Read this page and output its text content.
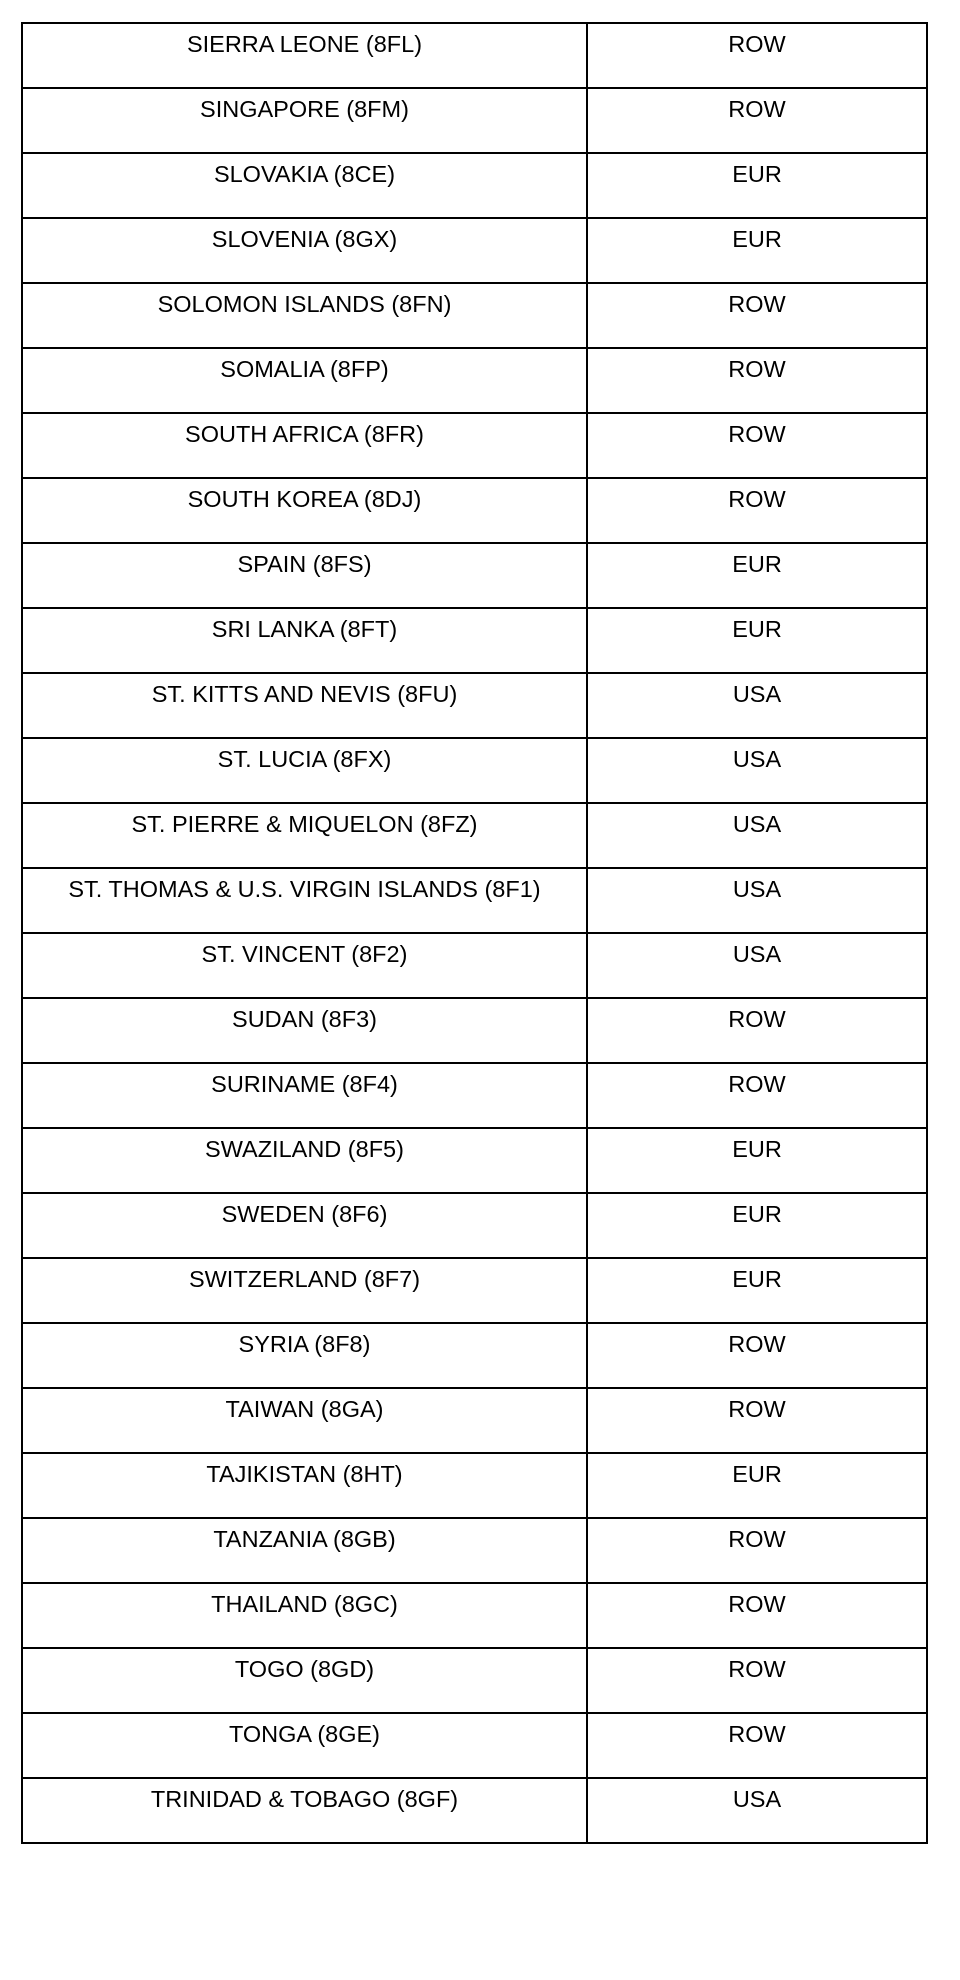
SIERRA LEONE (8FL)	ROW
SINGAPORE (8FM)	ROW
SLOVAKIA (8CE)	EUR
SLOVENIA (8GX)	EUR
SOLOMON ISLANDS (8FN)	ROW
SOMALIA (8FP)	ROW
SOUTH AFRICA (8FR)	ROW
SOUTH KOREA (8DJ)	ROW
SPAIN (8FS)	EUR
SRI LANKA (8FT)	EUR
ST. KITTS AND NEVIS (8FU)	USA
ST. LUCIA (8FX)	USA
ST. PIERRE & MIQUELON (8FZ)	USA
ST. THOMAS & U.S. VIRGIN ISLANDS (8F1)	USA
ST. VINCENT (8F2)	USA
SUDAN (8F3)	ROW
SURINAME (8F4)	ROW
SWAZILAND (8F5)	EUR
SWEDEN (8F6)	EUR
SWITZERLAND (8F7)	EUR
SYRIA (8F8)	ROW
TAIWAN (8GA)	ROW
TAJIKISTAN (8HT)	EUR
TANZANIA (8GB)	ROW
THAILAND (8GC)	ROW
TOGO (8GD)	ROW
TONGA (8GE)	ROW
TRINIDAD & TOBAGO (8GF)	USA
